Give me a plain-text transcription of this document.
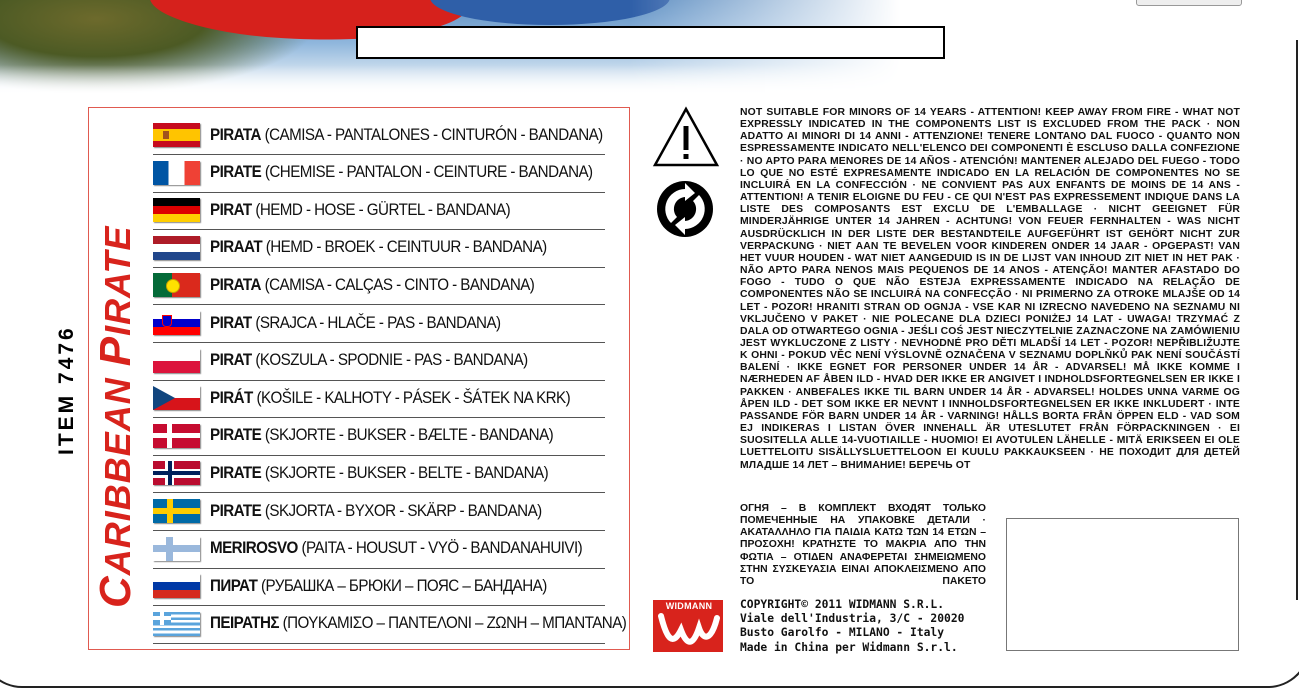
ITEM 7476
CARIBBEAN PIRATE
PIRATA (CAMISA - PANTALONES - CINTURÓN - BANDANA)
PIRATE (CHEMISE - PANTALON - CEINTURE - BANDANA)
PIRAT (HEMD - HOSE - GÜRTEL - BANDANA)
PIRAAT (HEMD - BROEK - CEINTUUR - BANDANA)
PIRATA (CAMISA - CALÇAS - CINTO - BANDANA)
PIRAT (SRAJCA - HLAČE - PAS - BANDANA)
PIRAT (KOSZULA - SPODNIE - PAS - BANDANA)
PIRÁT (KOŠILE - KALHOTY - PÁSEK - ŠÁTEK NA KRK)
PIRATE (SKJORTE - BUKSER - BÆLTE - BANDANA)
PIRATE (SKJORTE - BUKSER - BELTE - BANDANA)
PIRATE (SKJORTA - BYXOR - SKÄRP - BANDANA)
MERIROSVO (PAITA - HOUSUT - VYÖ - BANDANAHUIVI)
ПИРАТ (РУБАШКА – БРЮКИ – ПОЯС – БАНДАНА)
ΠΕΙΡΑΤΗΣ (ΠΟΥΚΑΜΙΣΟ – ΠΑΝΤΕΛΟΝΙ – ΖΩΝΗ – ΜΠΑΝΤΑΝΑ)
NOT SUITABLE FOR MINORS OF 14 YEARS - ATTENTION! KEEP AWAY FROM FIRE - WHAT NOT EXPRESSLY INDICATED IN THE COMPONENTS LIST IS EXCLUDED FROM THE PACK · NON ADATTO AI MINORI DI 14 ANNI - ATTENZIONE! TENERE LONTANO DAL FUOCO - QUANTO NON ESPRESSAMENTE INDICATO NELL'ELENCO DEI COMPONENTI È ESCLUSO DALLA CONFEZIONE · NO APTO PARA MENORES DE 14 AÑOS - ATENCIÓN! MANTENER ALEJADO DEL FUEGO - TODO LO QUE NO ESTÉ EXPRESAMENTE INDICADO EN LA RELACIÓN DE COMPONENTES NO SE INCLUIRÁ EN LA CONFECCIÓN · NE CONVIENT PAS AUX ENFANTS DE MOINS DE 14 ANS - ATTENTION! A TENIR ELOIGNE DU FEU - CE QUI N'EST PAS EXPRESSEMENT INDIQUE DANS LA LISTE DES COMPOSANTS EST EXCLU DE L'EMBALLAGE · NICHT GEEIGNET FÜR MINDERJÄHRIGE UNTER 14 JAHREN - ACHTUNG! VON FEUER FERNHALTEN - WAS NICHT AUSDRÜCKLICH IN DER LISTE DER BESTANDTEILE AUFGEFÜHRT IST GEHÖRT NICHT ZUR VERPACKUNG · NIET AAN TE BEVELEN VOOR KINDEREN ONDER 14 JAAR - OPGEPAST! VAN HET VUUR HOUDEN - WAT NIET AANGEDUID IS IN DE LIJST VAN INHOUD ZIT NIET IN HET PAK · NÃO APTO PARA NENOS MAIS PEQUENOS DE 14 ANOS - ATENÇÃO! MANTER AFASTADO DO FOGO - TUDO O QUE NÃO ESTEJA EXPRESSAMENTE INDICADO NA RELAÇÃO DE COMPONENTES NÃO SE INCLUIRÁ NA CONFECÇÃO · NI PRIMERNO ZA OTROKE MLAJŠE OD 14 LET - POZOR! HRANITI STRAN OD OGNJA - VSE KAR NI IZRECNO NAVEDENO NA SEZNAMU NI VKLJUČENO V PAKET · NIE POLECANE DLA DZIECI PONIŻEJ 14 LAT - UWAGA! TRZYMAĆ Z DALA OD OTWARTEGO OGNIA - JEŚLI COŚ JEST NIECZYTELNIE ZAZNACZONE NA ZAMÓWIENIU JEST WYKLUCZONE Z LISTY · NEVHODNÉ PRO DĚTI MLADŠÍ 14 LET - POZOR! NEPŘIBLIŽUJTE K OHNI - POKUD VĚC NENÍ VÝSLOVNĚ OZNAČENA V SEZNAMU DOPLŇKŮ PAK NENÍ SOUČÁSTÍ BALENÍ · IKKE EGNET FOR PERSONER UNDER 14 ÅR - ADVARSEL! MÅ IKKE KOMME I NÆRHEDEN AF ÅBEN ILD - HVAD DER IKKE ER ANGIVET I INDHOLDSFORTEGNELSEN ER IKKE I PAKKEN · ANBEFALES IKKE TIL BARN UNDER 14 ÅR - ADVARSEL! HOLDES UNNA VARME OG ÅPEN ILD - DET SOM IKKE ER NEVNT I INNHOLDSFORTEGNELSEN ER IKKE INKLUDERT · INTE PASSANDE FÖR BARN UNDER 14 ÅR - VARNING! HÅLLS BORTA FRÅN ÖPPEN ELD - VAD SOM EJ INDIKERAS I LISTAN ÖVER INNEHALL ÄR UTESLUTET FRÅN FÖRPACKNINGEN · EI SUOSITELLA ALLE 14-VUOTIAILLE - HUOMIO! EI AVOTULEN LÄHELLE - MITÄ ERIKSEEN EI OLE LUETTELOITU SISÄLLYSLUETTELOON EI KUULU PAKKAUKSEEN · НЕ ПОХОДИТ ДЛЯ ДЕТЕЙ МЛАДШЕ 14 ЛЕТ – ВНИМАНИЕ! БЕРЕЧЬ ОТ
ОГНЯ – В КОМПЛЕКТ ВХОДЯТ ТОЛЬКО ПОМЕЧЕННЫЕ НА УПАКОВКЕ ДЕТАЛИ · ΑΚΑΤΑΛΛΗΛΟ ΓΙΑ ΠΑΙΔΙΑ ΚΑΤΩ ΤΩΝ 14 ΕΤΩΝ – ΠΡΟΣΟΧΗ! ΚΡΑΤΗΣΤΕ ΤΟ ΜΑΚΡΙΑ ΑΠΟ ΤΗΝ ΦΩΤΙΑ – ΟΤΙΔΕΝ ΑΝΑΦΕΡΕΤΑΙ ΣΗΜΕΙΩΜΕΝΟ ΣΤΗΝ ΣΥΣΚΕΥΑΣΙΑ ΕΙΝΑΙ ΑΠΟΚΛΕΙΣΜΕΝΟ ΑΠΟ ΤΟ ΠΑΚΕΤΟ
WIDMANN	COPYRIGHT© 2011 WIDMANN S.R.L.
Viale dell'Industria, 3/C - 20020
Busto Garolfo - MILANO - Italy
Made in China per Widmann S.r.l.
